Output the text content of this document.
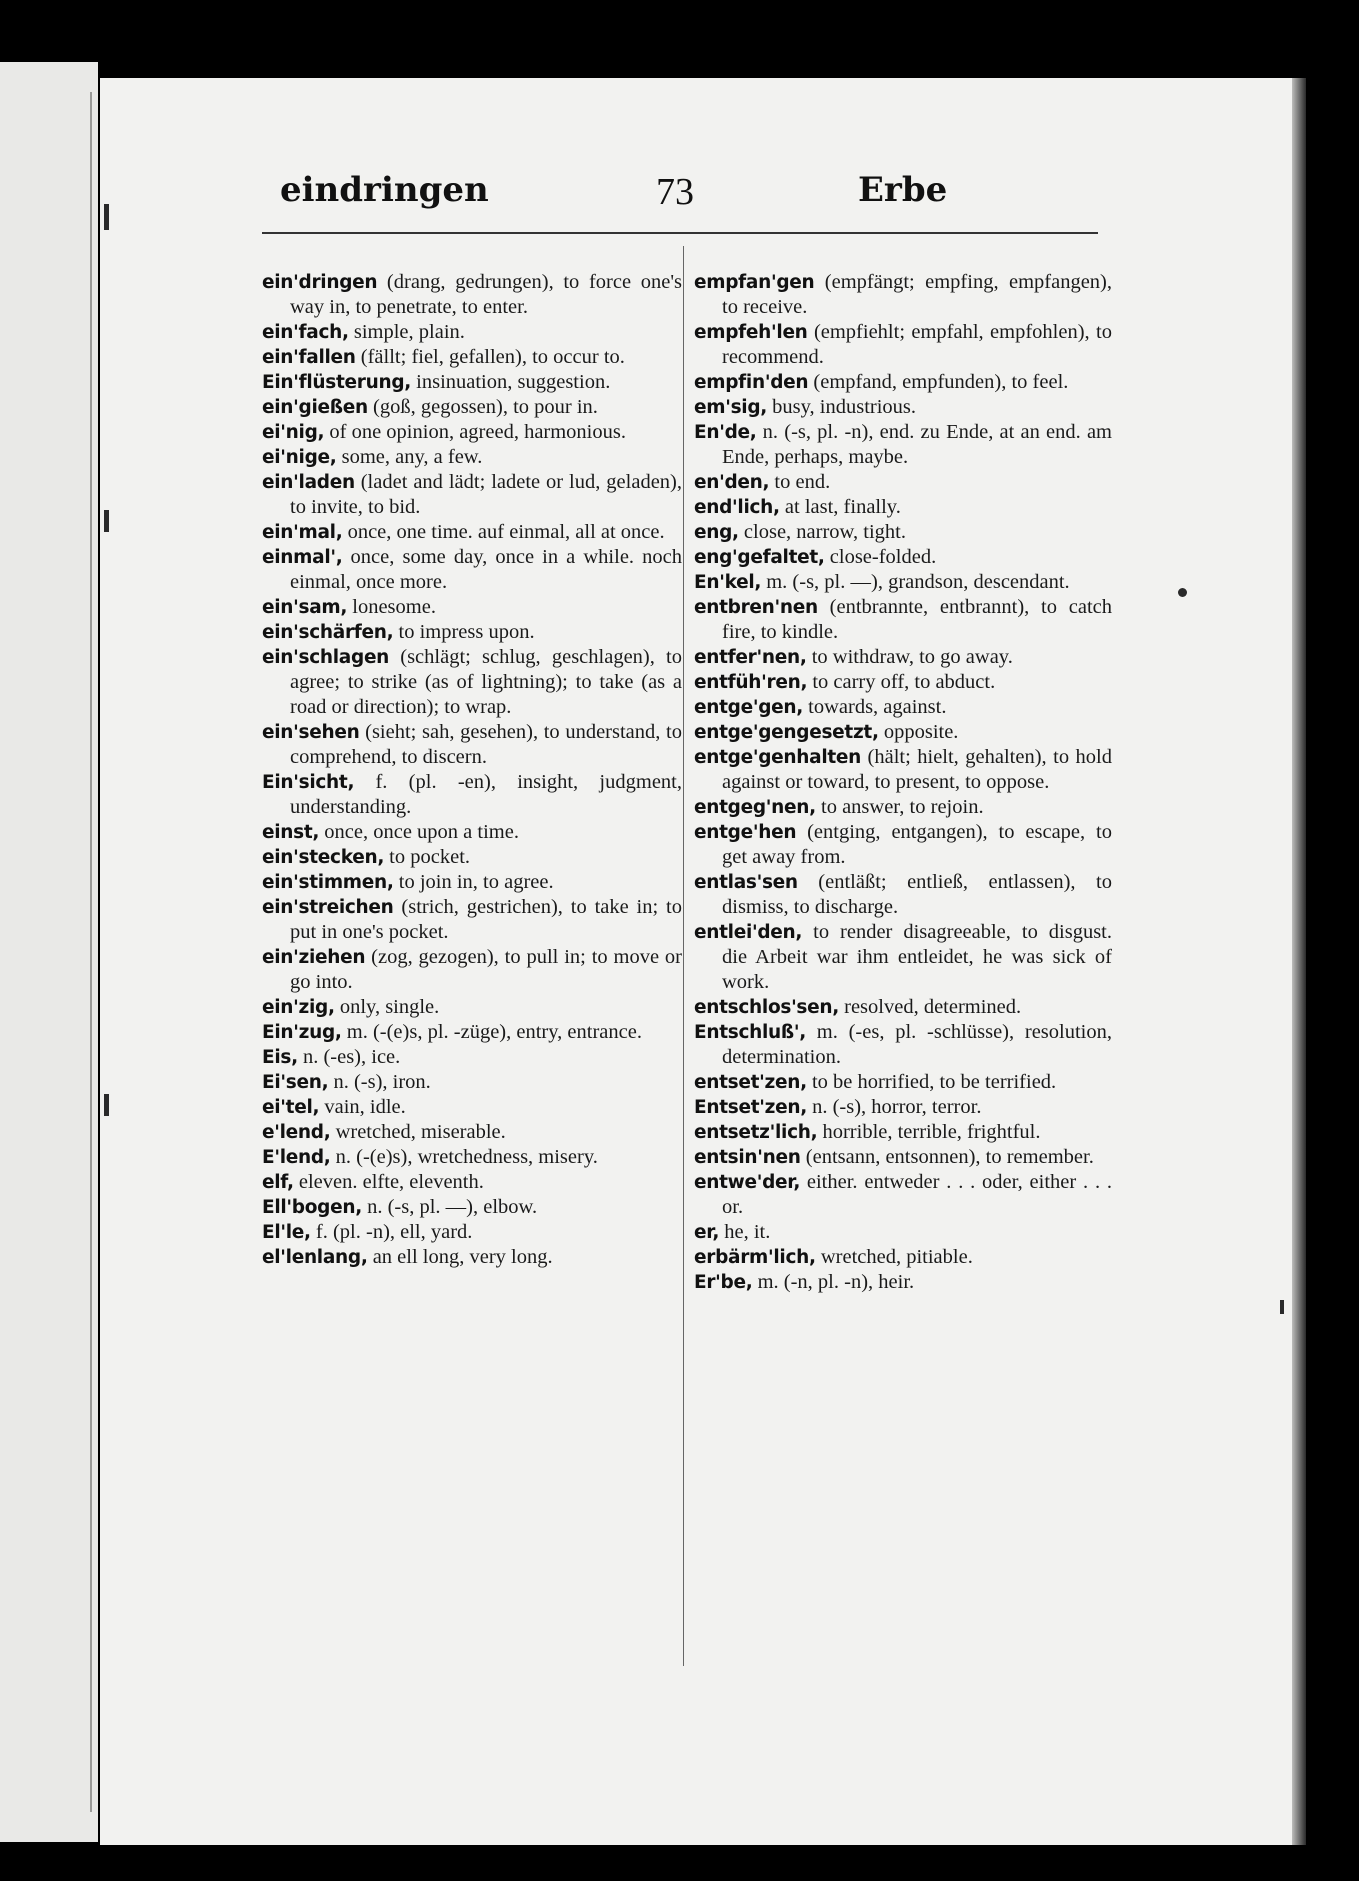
eindringen	73	Erbe

ein'dringen (drang, gedrungen), to force one's way in, to penetrate, to enter.

ein'fach, simple, plain.

ein'fallen (fällt; fiel, gefallen), to occur to.

Ein'flüsterung, insinuation, suggestion.

ein'gießen (goß, gegossen), to pour in.

ei'nig, of one opinion, agreed, harmonious.

ei'nige, some, any, a few.

ein'laden (ladet and lädt; ladete or lud, geladen), to invite, to bid.

ein'mal, once, one time. auf einmal, all at once.

einmal', once, some day, once in a while. noch einmal, once more.

ein'sam, lonesome.

ein'schärfen, to impress upon.

ein'schlagen (schlägt; schlug, geschlagen), to agree; to strike (as of lightning); to take (as a road or direction); to wrap.

ein'sehen (sieht; sah, gesehen), to understand, to comprehend, to discern.

Ein'sicht, f. (pl. -en), insight, judgment, understanding.

einst, once, once upon a time.

ein'stecken, to pocket.

ein'stimmen, to join in, to agree.

ein'streichen (strich, gestrichen), to take in; to put in one's pocket.

ein'ziehen (zog, gezogen), to pull in; to move or go into.

ein'zig, only, single.

Ein'zug, m. (-(e)s, pl. -züge), entry, entrance.

Eis, n. (-es), ice.

Ei'sen, n. (-s), iron.

ei'tel, vain, idle.

e'lend, wretched, miserable.

E'lend, n. (-(e)s), wretchedness, misery.

elf, eleven. elfte, eleventh.

Ell'bogen, n. (-s, pl. —), elbow.

El'le, f. (pl. -n), ell, yard.

el'lenlang, an ell long, very long.

empfan'gen (empfängt; empfing, empfangen), to receive.

empfeh'len (empfiehlt; empfahl, empfohlen), to recommend.

empfin'den (empfand, empfunden), to feel.

em'sig, busy, industrious.

En'de, n. (-s, pl. -n), end. zu Ende, at an end. am Ende, perhaps, maybe.

en'den, to end.

end'lich, at last, finally.

eng, close, narrow, tight.

eng'gefaltet, close-folded.

En'kel, m. (-s, pl. —), grandson, descendant.

entbren'nen (entbrannte, entbrannt), to catch fire, to kindle.

entfer'nen, to withdraw, to go away.

entfüh'ren, to carry off, to abduct.

entge'gen, towards, against.

entge'gengesetzt, opposite.

entge'genhalten (hält; hielt, gehalten), to hold against or toward, to present, to oppose.

entgeg'nen, to answer, to rejoin.

entge'hen (entging, entgangen), to escape, to get away from.

entlas'sen (entläßt; entließ, entlassen), to dismiss, to discharge.

entlei'den, to render disagreeable, to disgust. die Arbeit war ihm entleidet, he was sick of work.

entschlos'sen, resolved, determined.

Entschluß', m. (-es, pl. -schlüsse), resolution, determination.

entset'zen, to be horrified, to be terrified.

Entset'zen, n. (-s), horror, terror.

entsetz'lich, horrible, terrible, frightful.

entsin'nen (entsann, entsonnen), to remember.

entwe'der, either. entweder . . . oder, either . . . or.

er, he, it.

erbärm'lich, wretched, pitiable.

Er'be, m. (-n, pl. -n), heir.
